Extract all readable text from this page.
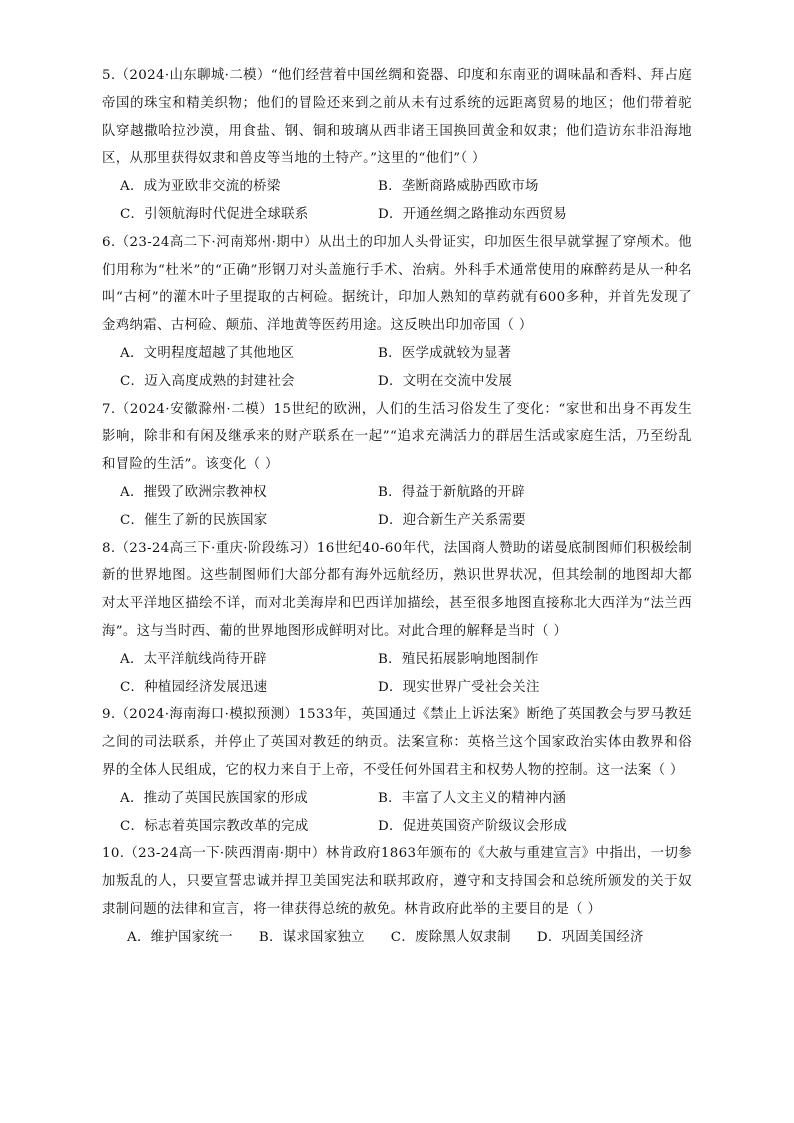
5.（2024·山东聊城·二模）“他们经营着中国丝绸和瓷器、印度和东南亚的调味晶和香料、拜占庭帝国的珠宝和精美织物；他们的冒险还来到之前从未有过系统的远距离贸易的地区；他们带着驼队穿越撒哈拉沙漠，用食盐、钢、铜和玻璃从西非诸王国换回黄金和奴隶；他们造访东非沿海地区，从那里获得奴隶和兽皮等当地的土特产。”这里的“他们”（ ）
A．成为亚欧非交流的桥梁	B．垄断商路威胁西欧市场
C．引领航海时代促进全球联系	D．开通丝绸之路推动东西贸易
6.（23-24高二下·河南郑州·期中）从出土的印加人头骨证实，印加医生很早就掌握了穿颅术。他们用称为“杜米”的“正确”形钢刀对头盖施行手术、治病。外科手术通常使用的麻醉药是从一种名叫“古柯”的灌木叶子里提取的古柯硷。据统计，印加人熟知的草药就有600多种，并首先发现了金鸡纳霜、古柯硷、颠茄、洋地黄等医药用途。这反映出印加帝国（ ）
A．文明程度超越了其他地区	B．医学成就较为显著
C．迈入高度成熟的封建社会	D．文明在交流中发展
7.（2024·安徽滁州·二模）15世纪的欧洲，人们的生活习俗发生了变化：“家世和出身不再发生影响，除非和有闲及继承来的财产联系在一起”“追求充满活力的群居生活或家庭生活，乃至纷乱和冒险的生活”。该变化（ ）
A．摧毁了欧洲宗教神权	B．得益于新航路的开辟
C．催生了新的民族国家	D．迎合新生产关系需要
8.（23-24高三下·重庆·阶段练习）16世纪40-60年代，法国商人赞助的诺曼底制图师们积极绘制新的世界地图。这些制图师们大部分都有海外远航经历，熟识世界状况，但其绘制的地图却大都对太平洋地区描绘不详，而对北美海岸和巴西详加描绘，甚至很多地图直接称北大西洋为“法兰西海”。这与当时西、葡的世界地图形成鲜明对比。对此合理的解释是当时（ ）
A．太平洋航线尚待开辟	B．殖民拓展影响地图制作
C．种植园经济发展迅速	D．现实世界广受社会关注
9.（2024·海南海口·模拟预测）1533年，英国通过《禁止上诉法案》断绝了英国教会与罗马教廷之间的司法联系，并停止了英国对教廷的纳贡。法案宣称：英格兰这个国家政治实体由教界和俗界的全体人民组成，它的权力来自于上帝，不受任何外国君主和权势人物的控制。这一法案（ ）
A．推动了英国民族国家的形成	B．丰富了人文主义的精神内涵
C．标志着英国宗教改革的完成	D．促进英国资产阶级议会形成
10.（23-24高一下·陕西渭南·期中）林肯政府1863年颁布的《大赦与重建宣言》中指出，一切参加叛乱的人，只要宣誓忠诚并捍卫美国宪法和联邦政府，遵守和支持国会和总统所颁发的关于奴隶制问题的法律和宣言，将一律获得总统的赦免。林肯政府此举的主要目的是（ ）
A．维护国家统一 B．谋求国家独立 C．废除黑人奴隶制 D．巩固美国经济
